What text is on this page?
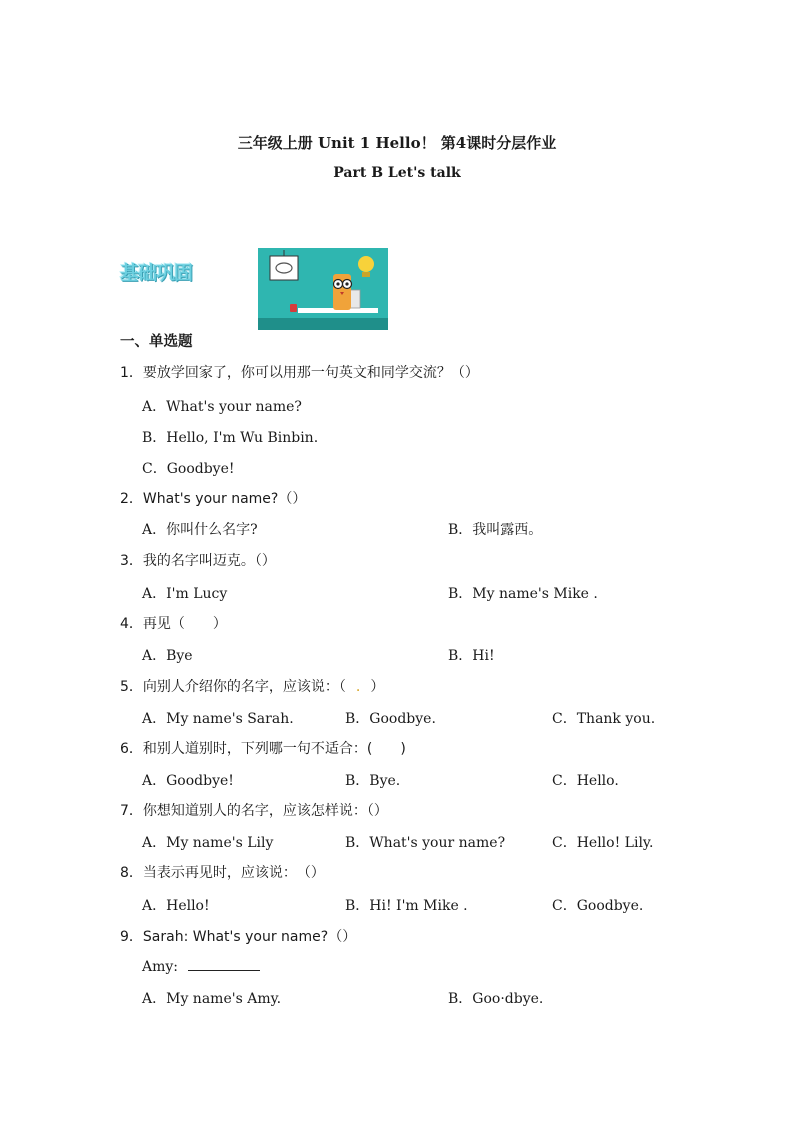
三年级上册 Unit 1 Hello！ 第4课时分层作业
Part B Let's talk
基础巩固
一、单选题
1．要放学回家了，你可以用那一句英文和同学交流？（）
A．What's your name?
B．Hello, I'm Wu Binbin.
C．Goodbye!
2．What's your name?（）
A．你叫什么名字?	B．我叫露西。
3．我的名字叫迈克。（）
A．I'm Lucy	B．My name's Mike .
4．再见（　　）
A．Bye	B．Hi!
5．向别人介绍你的名字，应该说：（ . ）
A．My name's Sarah.	B．Goodbye.	C．Thank you.
6．和别人道别时，下列哪一句不适合：(　　)
A．Goodbye!	B．Bye.	C．Hello.
7．你想知道别人的名字，应该怎样说：（）
A．My name's Lily	B．What's your name?	C．Hello! Lily.
8．当表示再见时，应该说：　（）
A．Hello!	B．Hi! I'm Mike .	C．Goodbye.
9．Sarah: What's your name?（）
Amy:
A．My name's Amy.	B．Goo·dbye.
